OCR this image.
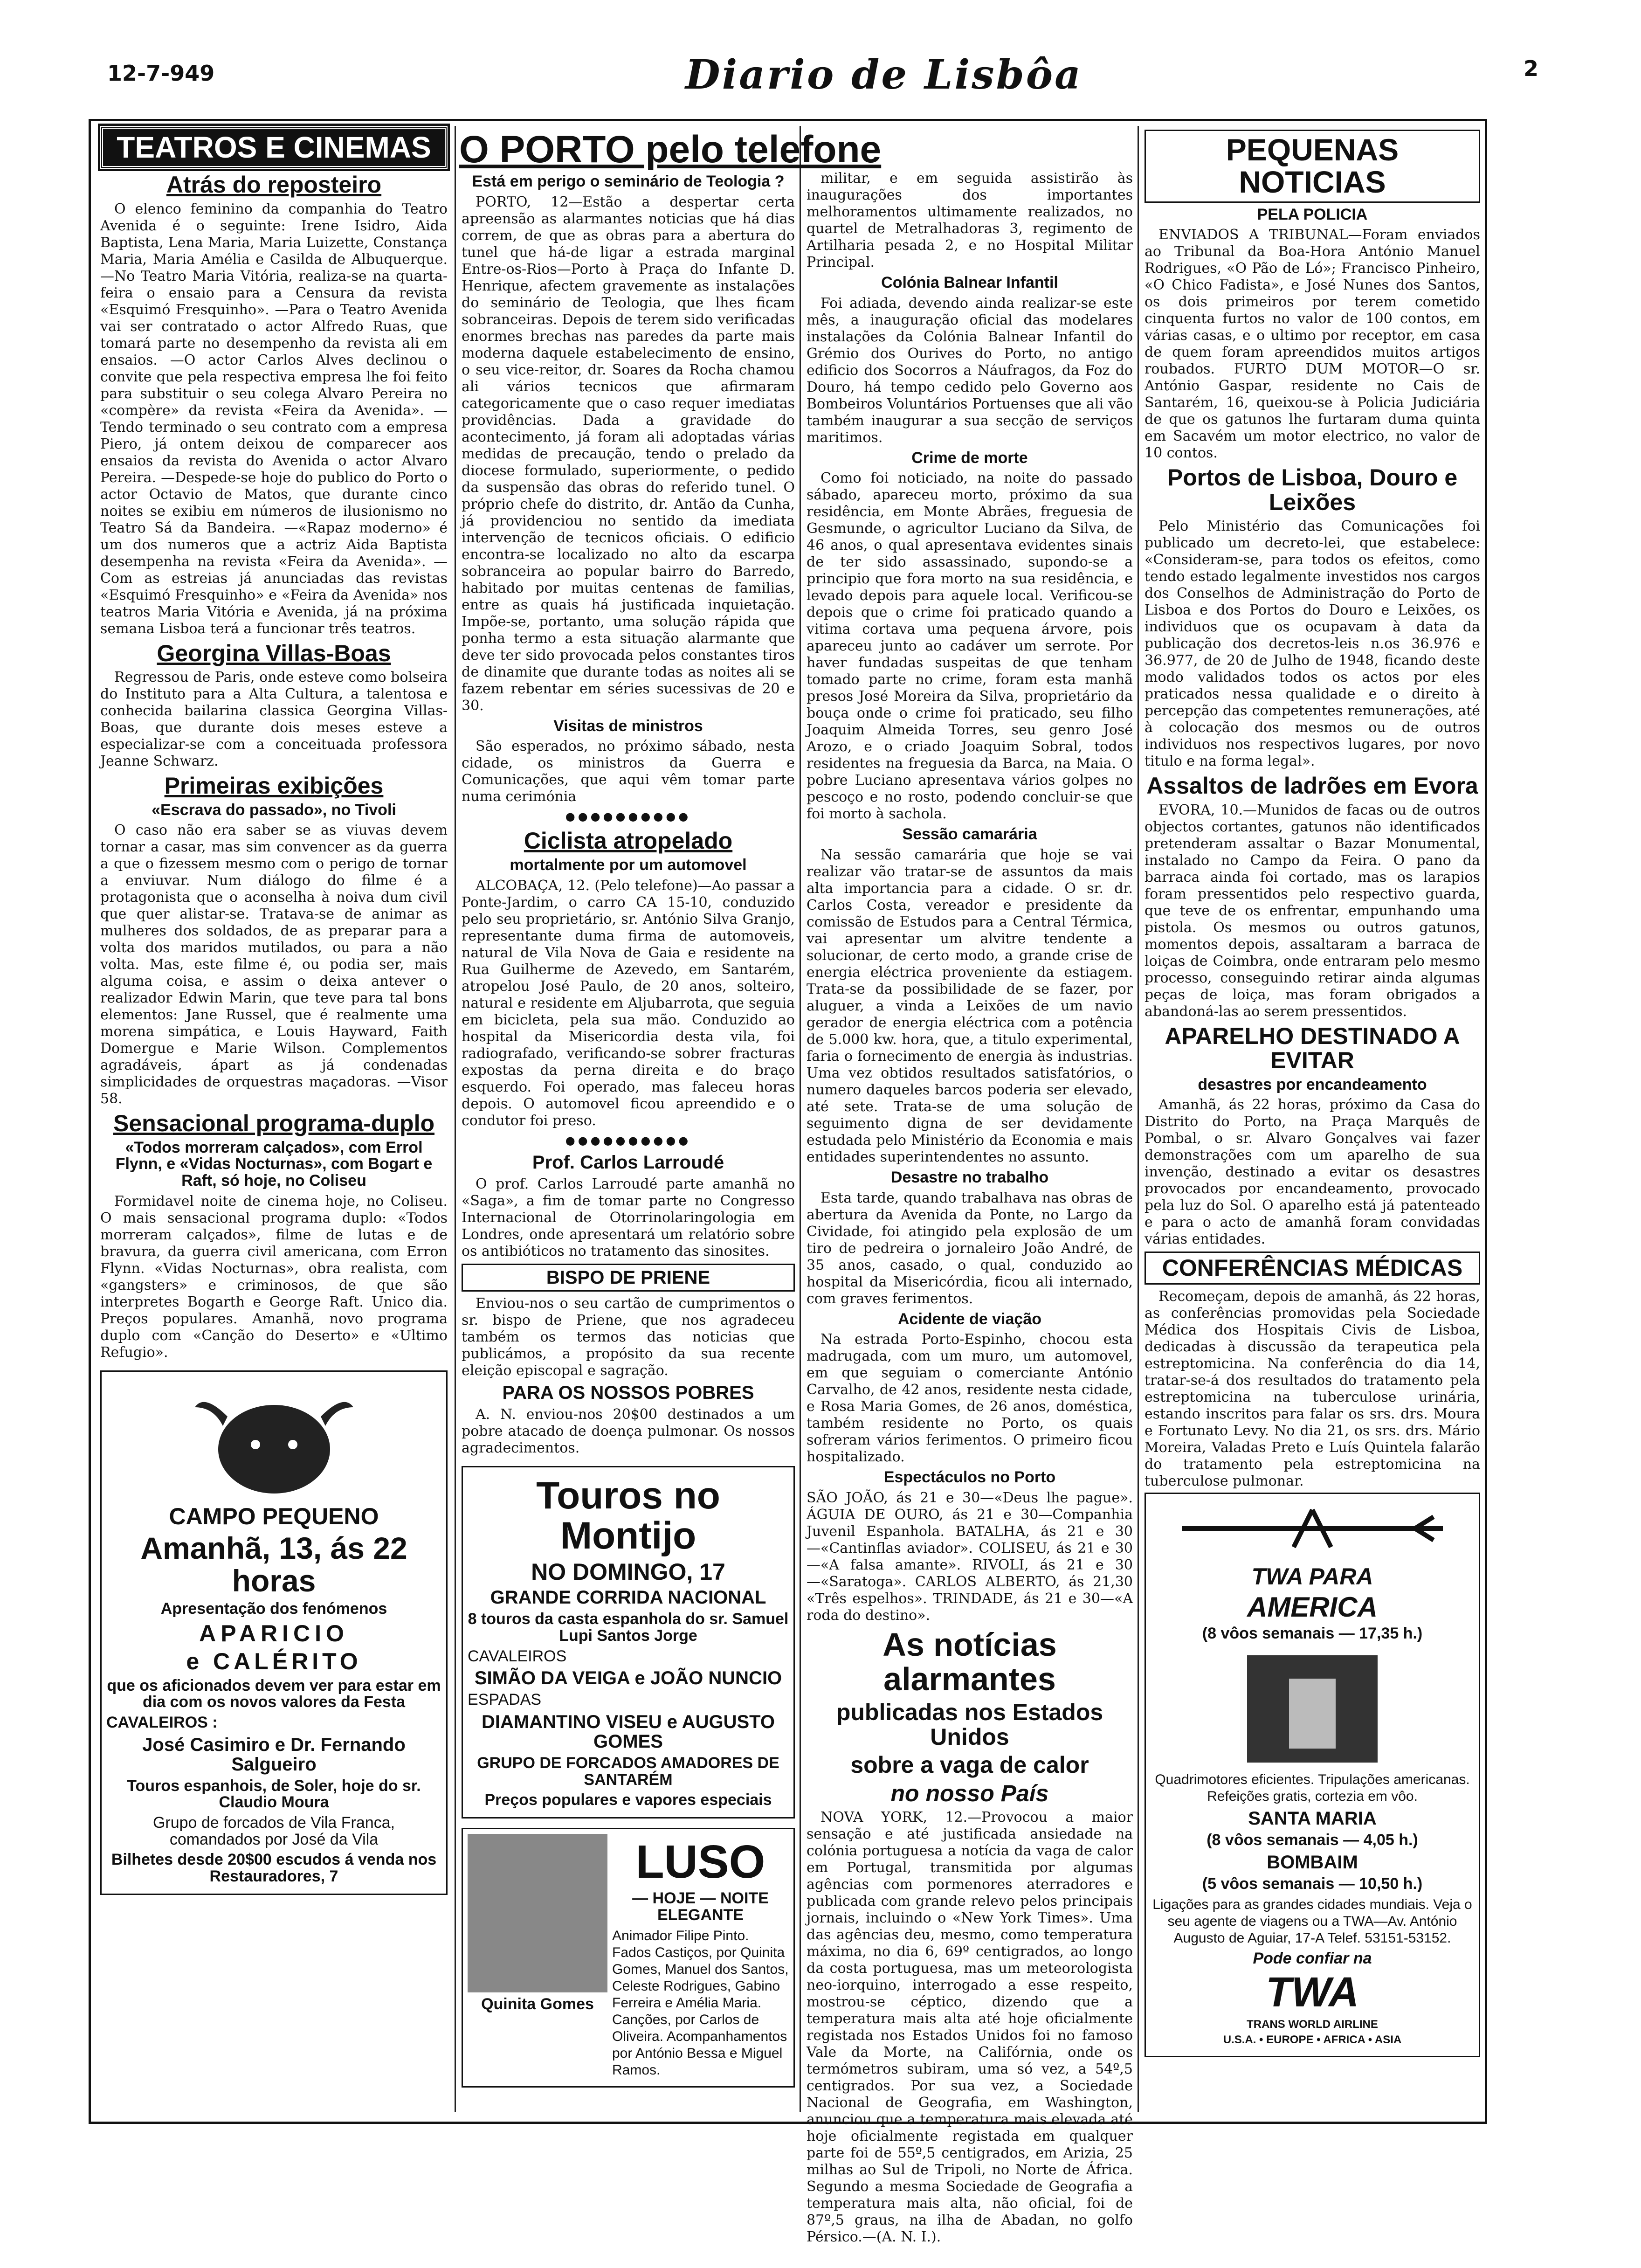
12-7-949	Diario de Lisbôa	2
TEATROS E CINEMAS
Atrás do reposteiro

O elenco feminino da companhia do Teatro Avenida é o seguinte: Irene Isidro, Aida Baptista, Lena Maria, Maria Luizette, Constança Maria, Maria Amélia e Casilda de Albuquerque. —No Teatro Maria Vitória, realiza-se na quarta-feira o ensaio para a Censura da revista «Esquimó Fresquinho». —Para o Teatro Avenida vai ser contratado o actor Alfredo Ruas, que tomará parte no desempenho da revista ali em ensaios. —O actor Carlos Alves declinou o convite que pela respectiva empresa lhe foi feito para substituir o seu colega Alvaro Pereira no «compère» da revista «Feira da Avenida». —Tendo terminado o seu contrato com a empresa Piero, já ontem deixou de comparecer aos ensaios da revista do Avenida o actor Alvaro Pereira. —Despede-se hoje do publico do Porto o actor Octavio de Matos, que durante cinco noites se exibiu em números de ilusionismo no Teatro Sá da Bandeira. —«Rapaz moderno» é um dos numeros que a actriz Aida Baptista desempenha na revista «Feira da Avenida». —Com as estreias já anunciadas das revistas «Esquimó Fresquinho» e «Feira da Avenida» nos teatros Maria Vitória e Avenida, já na próxima semana Lisboa terá a funcionar três teatros.

Georgina Villas-Boas

Regressou de Paris, onde esteve como bolseira do Instituto para a Alta Cultura, a talentosa e conhecida bailarina classica Georgina Villas-Boas, que durante dois meses esteve a especializar-se com a conceituada professora Jeanne Schwarz.

Primeiras exibições
«Escrava do passado», no Tivoli

O caso não era saber se as viuvas devem tornar a casar, mas sim convencer as da guerra a que o fizessem mesmo com o perigo de tornar a enviuvar. Num diálogo do filme é a protagonista que o aconselha à noiva dum civil que quer alistar-se. Tratava-se de animar as mulheres dos soldados, de as preparar para a volta dos maridos mutilados, ou para a não volta. Mas, este filme é, ou podia ser, mais alguma coisa, e assim o deixa antever o realizador Edwin Marin, que teve para tal bons elementos: Jane Russel, que é realmente uma morena simpática, e Louis Hayward, Faith Domergue e Marie Wilson. Complementos agradáveis, ápart as já condenadas simplicidades de orquestras maçadoras. —Visor 58.

Sensacional programa-duplo
«Todos morreram calçados», com Errol Flynn, e «Vidas Nocturnas», com Bogart e Raft, só hoje, no Coliseu

Formidavel noite de cinema hoje, no Coliseu. O mais sensacional programa duplo: «Todos morreram calçados», filme de lutas e de bravura, da guerra civil americana, com Erron Flynn. «Vidas Nocturnas», obra realista, com «gangsters» e criminosos, de que são interpretes Bogarth e George Raft. Unico dia. Preços populares. Amanhã, novo programa duplo com «Canção do Deserto» e «Ultimo Refugio».

CAMPO PEQUENO
Amanhã, 13, ás 22 horas
Apresentação dos fenómenos
APARICIO
e CALÉRITO
que os aficionados devem ver para estar em dia com os novos valores da Festa
CAVALEIROS :
José Casimiro e Dr. Fernando Salgueiro
Touros espanhois, de Soler, hoje do sr. Claudio Moura
Grupo de forcados de Vila Franca, comandados por José da Vila
Bilhetes desde 20$00 escudos á venda nos Restauradores, 7
O PORTO pelo telefone
Está em perigo o seminário de Teologia ?

PORTO, 12—Estão a despertar certa apreensão as alarmantes noticias que há dias correm, de que as obras para a abertura do tunel que há-de ligar a estrada marginal Entre-os-Rios—Porto à Praça do Infante D. Henrique, afectem gravemente as instalações do seminário de Teologia, que lhes ficam sobranceiras. Depois de terem sido verificadas enormes brechas nas paredes da parte mais moderna daquele estabelecimento de ensino, o seu vice-reitor, dr. Soares da Rocha chamou ali vários tecnicos que afirmaram categoricamente que o caso requer imediatas providências. Dada a gravidade do acontecimento, já foram ali adoptadas várias medidas de precaução, tendo o prelado da diocese formulado, superiormente, o pedido da suspensão das obras do referido tunel. O próprio chefe do distrito, dr. Antão da Cunha, já providenciou no sentido da imediata intervenção de tecnicos oficiais. O edificio encontra-se localizado no alto da escarpa sobranceira ao popular bairro do Barredo, habitado por muitas centenas de familias, entre as quais há justificada inquietação. Impõe-se, portanto, uma solução rápida que ponha termo a esta situação alarmante que deve ter sido provocada pelos constantes tiros de dinamite que durante todas as noites ali se fazem rebentar em séries sucessivas de 20 e 30.

Visitas de ministros

São esperados, no próximo sábado, nesta cidade, os ministros da Guerra e Comunicações, que aqui vêm tomar parte numa cerimónia

●●●●●●●●●●
Ciclista atropelado
mortalmente por um automovel

ALCOBAÇA, 12. (Pelo telefone)—Ao passar a Ponte-Jardim, o carro CA 15-10, conduzido pelo seu proprietário, sr. António Silva Granjo, representante duma firma de automoveis, natural de Vila Nova de Gaia e residente na Rua Guilherme de Azevedo, em Santarém, atropelou José Paulo, de 20 anos, solteiro, natural e residente em Aljubarrota, que seguia em bicicleta, pela sua mão. Conduzido ao hospital da Misericordia desta vila, foi radiografado, verificando-se sobrer fracturas expostas da perna direita e do braço esquerdo. Foi operado, mas faleceu horas depois. O automovel ficou apreendido e o condutor foi preso.

●●●●●●●●●●
Prof. Carlos Larroudé

O prof. Carlos Larroudé parte amanhã no «Saga», a fim de tomar parte no Congresso Internacional de Otorrinolaringologia em Londres, onde apresentará um relatório sobre os antibióticos no tratamento das sinosites.

BISPO DE PRIENE

Enviou-nos o seu cartão de cumprimentos o sr. bispo de Priene, que nos agradeceu também os termos das noticias que publicámos, a propósito da sua recente eleição episcopal e sagração.

PARA OS NOSSOS POBRES

A. N. enviou-nos 20$00 destinados a um pobre atacado de doença pulmonar. Os nossos agradecimentos.

Touros no Montijo
NO DOMINGO, 17
GRANDE CORRIDA NACIONAL
8 touros da casta espanhola do sr. Samuel Lupi Santos Jorge
CAVALEIROS
SIMÃO DA VEIGA e JOÃO NUNCIO
ESPADAS
DIAMANTINO VISEU e AUGUSTO GOMES
GRUPO DE FORCADOS AMADORES DE SANTARÉM
Preços populares e vapores especiais
Quinita Gomes
LUSO
— HOJE — NOITE ELEGANTE

Animador Filipe Pinto. Fados Castiços, por Quinita Gomes, Manuel dos Santos, Celeste Rodrigues, Gabino Ferreira e Amélia Maria. Canções, por Carlos de Oliveira. Acompanhamentos por António Bessa e Miguel Ramos.

militar, e em seguida assistirão às inaugurações dos importantes melhoramentos ultimamente realizados, no quartel de Metralhadoras 3, regimento de Artilharia pesada 2, e no Hospital Militar Principal.

Colónia Balnear Infantil

Foi adiada, devendo ainda realizar-se este mês, a inauguração oficial das modelares instalações da Colónia Balnear Infantil do Grémio dos Ourives do Porto, no antigo edificio dos Socorros a Náufragos, da Foz do Douro, há tempo cedido pelo Governo aos Bombeiros Voluntários Portuenses que ali vão também inaugurar a sua secção de serviços maritimos.

Crime de morte

Como foi noticiado, na noite do passado sábado, apareceu morto, próximo da sua residência, em Monte Abrães, freguesia de Gesmunde, o agricultor Luciano da Silva, de 46 anos, o qual apresentava evidentes sinais de ter sido assassinado, supondo-se a principio que fora morto na sua residência, e levado depois para aquele local. Verificou-se depois que o crime foi praticado quando a vitima cortava uma pequena árvore, pois apareceu junto ao cadáver um serrote. Por haver fundadas suspeitas de que tenham tomado parte no crime, foram esta manhã presos José Moreira da Silva, proprietário da bouça onde o crime foi praticado, seu filho Joaquim Almeida Torres, seu genro José Arozo, e o criado Joaquim Sobral, todos residentes na freguesia da Barca, na Maia. O pobre Luciano apresentava vários golpes no pescoço e no rosto, podendo concluir-se que foi morto à sachola.

Sessão camarária

Na sessão camarária que hoje se vai realizar vão tratar-se de assuntos da mais alta importancia para a cidade. O sr. dr. Carlos Costa, vereador e presidente da comissão de Estudos para a Central Térmica, vai apresentar um alvitre tendente a solucionar, de certo modo, a grande crise de energia eléctrica proveniente da estiagem. Trata-se da possibilidade de se fazer, por aluguer, a vinda a Leixões de um navio gerador de energia eléctrica com a potência de 5.000 kw. hora, que, a titulo experimental, faria o fornecimento de energia às industrias. Uma vez obtidos resultados satisfatórios, o numero daqueles barcos poderia ser elevado, até sete. Trata-se de uma solução de seguimento digna de ser devidamente estudada pelo Ministério da Economia e mais entidades superintendentes no assunto.

Desastre no trabalho

Esta tarde, quando trabalhava nas obras de abertura da Avenida da Ponte, no Largo da Cividade, foi atingido pela explosão de um tiro de pedreira o jornaleiro João André, de 35 anos, casado, o qual, conduzido ao hospital da Misericórdia, ficou ali internado, com graves ferimentos.

Acidente de viação

Na estrada Porto-Espinho, chocou esta madrugada, com um muro, um automovel, em que seguiam o comerciante António Carvalho, de 42 anos, residente nesta cidade, e Rosa Maria Gomes, de 26 anos, doméstica, também residente no Porto, os quais sofreram vários ferimentos. O primeiro ficou hospitalizado.

Espectáculos no Porto

SÃO JOÃO, ás 21 e 30—«Deus lhe pague». ÁGUIA DE OURO, ás 21 e 30—Companhia Juvenil Espanhola. BATALHA, ás 21 e 30—«Cantinflas aviador». COLISEU, ás 21 e 30—«A falsa amante». RIVOLI, ás 21 e 30—«Saratoga». CARLOS ALBERTO, ás 21,30 «Três espelhos». TRINDADE, ás 21 e 30—«A roda do destino».

As notícias alarmantes
publicadas nos Estados Unidos
sobre a vaga de calor
no nosso País

NOVA YORK, 12.—Provocou a maior sensação e até justificada ansiedade na colónia portuguesa a notícia da vaga de calor em Portugal, transmitida por algumas agências com pormenores aterradores e publicada com grande relevo pelos principais jornais, incluindo o «New York Times». Uma das agências deu, mesmo, como temperatura máxima, no dia 6, 69º centigrados, ao longo da costa portuguesa, mas um meteorologista neo-iorquino, interrogado a esse respeito, mostrou-se céptico, dizendo que a temperatura mais alta até hoje oficialmente registada nos Estados Unidos foi no famoso Vale da Morte, na Califórnia, onde os termómetros subiram, uma só vez, a 54º,5 centigrados. Por sua vez, a Sociedade Nacional de Geografia, em Washington, anunciou que a temperatura mais elevada até hoje oficialmente registada em qualquer parte foi de 55º,5 centigrados, em Arizia, 25 milhas ao Sul de Tripoli, no Norte de África. Segundo a mesma Sociedade de Geografia a temperatura mais alta, não oficial, foi de 87º,5 graus, na ilha de Abadan, no golfo Pérsico.—(A. N. I.).

PEQUENAS NOTICIAS
PELA POLICIA

ENVIADOS A TRIBUNAL—Foram enviados ao Tribunal da Boa-Hora António Manuel Rodrigues, «O Pão de Ló»; Francisco Pinheiro, «O Chico Fadista», e José Nunes dos Santos, os dois primeiros por terem cometido cinquenta furtos no valor de 100 contos, em várias casas, e o ultimo por receptor, em casa de quem foram apreendidos muitos artigos roubados. FURTO DUM MOTOR—O sr. António Gaspar, residente no Cais de Santarém, 16, queixou-se à Policia Judiciária de que os gatunos lhe furtaram duma quinta em Sacavém um motor electrico, no valor de 10 contos.

Portos de Lisboa, Douro e Leixões

Pelo Ministério das Comunicações foi publicado um decreto-lei, que estabelece: «Consideram-se, para todos os efeitos, como tendo estado legalmente investidos nos cargos dos Conselhos de Administração do Porto de Lisboa e dos Portos do Douro e Leixões, os individuos que os ocupavam à data da publicação dos decretos-leis n.os 36.976 e 36.977, de 20 de Julho de 1948, ficando deste modo validados todos os actos por eles praticados nessa qualidade e o direito à percepção das competentes remunerações, até à colocação dos mesmos ou de outros individuos nos respectivos lugares, por novo titulo e na forma legal».

Assaltos de ladrões em Evora

EVORA, 10.—Munidos de facas ou de outros objectos cortantes, gatunos não identificados pretenderam assaltar o Bazar Monumental, instalado no Campo da Feira. O pano da barraca ainda foi cortado, mas os larapios foram pressentidos pelo respectivo guarda, que teve de os enfrentar, empunhando uma pistola. Os mesmos ou outros gatunos, momentos depois, assaltaram a barraca de loiças de Coimbra, onde entraram pelo mesmo processo, conseguindo retirar ainda algumas peças de loiça, mas foram obrigados a abandoná-las ao serem pressentidos.

APARELHO DESTINADO A EVITAR
desastres por encandeamento

Amanhã, ás 22 horas, próximo da Casa do Distrito do Porto, na Praça Marquês de Pombal, o sr. Alvaro Gonçalves vai fazer demonstrações com um aparelho de sua invenção, destinado a evitar os desastres provocados por encandeamento, provocado pela luz do Sol. O aparelho está já patenteado e para o acto de amanhã foram convidadas várias entidades.

CONFERÊNCIAS MÉDICAS

Recomeçam, depois de amanhã, ás 22 horas, as conferências promovidas pela Sociedade Médica dos Hospitais Civis de Lisboa, dedicadas à discussão da terapeutica pela estreptomicina. Na conferência do dia 14, tratar-se-á dos resultados do tratamento pela estreptomicina na tuberculose urinária, estando inscritos para falar os srs. drs. Moura e Fortunato Levy. No dia 21, os srs. drs. Mário Moreira, Valadas Preto e Luís Quintela falarão do tratamento pela estreptomicina na tuberculose pulmonar.

TWA PARA
AMERICA
(8 vôos semanais — 17,35 h.)

Quadrimotores eficientes. Tripulações americanas. Refeições gratis, cortezia em vôo.

SANTA MARIA
(8 vôos semanais — 4,05 h.)
BOMBAIM
(5 vôos semanais — 10,50 h.)

Ligações para as grandes cidades mundiais. Veja o seu agente de viagens ou a TWA—Av. António Augusto de Aguiar, 17-A Telef. 53151-53152.

Pode confiar na
TWA
TRANS WORLD AIRLINE
U.S.A. • EUROPE • AFRICA • ASIA
